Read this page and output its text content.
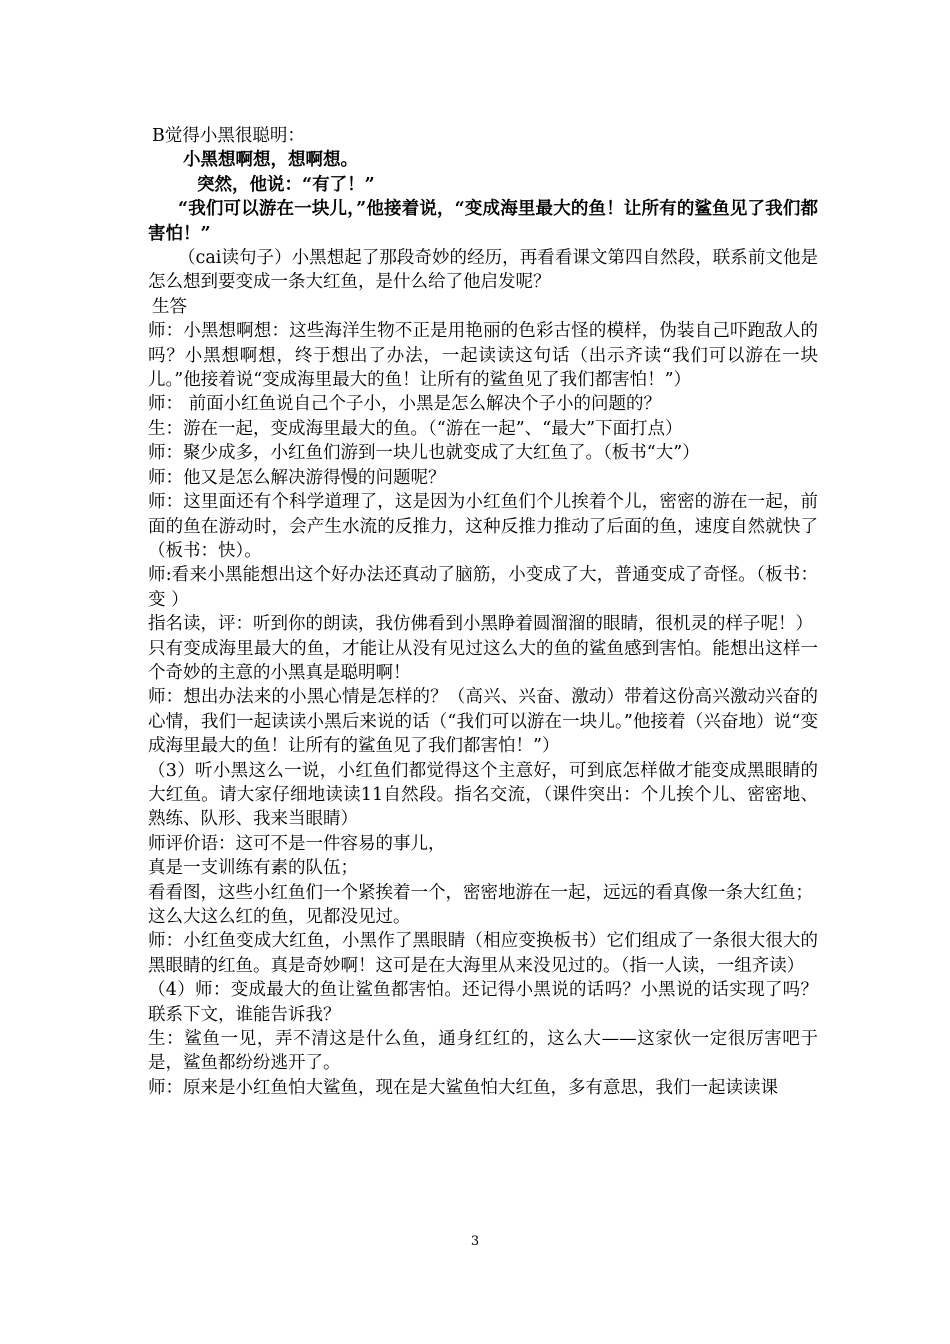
B觉得小黑很聪明：

小黑想啊想，想啊想。

突然，他说：“有了！”

“我们可以游在一块儿，”他接着说，“变成海里最大的鱼！让所有的鲨鱼见了我们都害怕！”

（cai读句子）小黑想起了那段奇妙的经历，再看看课文第四自然段，联系前文他是怎么想到要变成一条大红鱼，是什么给了他启发呢？

生答

师：小黑想啊想：这些海洋生物不正是用艳丽的色彩古怪的模样，伪装自己吓跑敌人的吗？小黑想啊想，终于想出了办法，一起读读这句话（出示齐读“我们可以游在一块儿。”他接着说“变成海里最大的鱼！让所有的鲨鱼见了我们都害怕！”）

师： 前面小红鱼说自己个子小，小黑是怎么解决个子小的问题的？

生：游在一起，变成海里最大的鱼。（“游在一起”、“最大”下面打点）

师：聚少成多，小红鱼们游到一块儿也就变成了大红鱼了。（板书“大”）

师：他又是怎么解决游得慢的问题呢？

师：这里面还有个科学道理了，这是因为小红鱼们个儿挨着个儿，密密的游在一起，前面的鱼在游动时，会产生水流的反推力，这种反推力推动了后面的鱼，速度自然就快了（板书：快）。

师:看来小黑能想出这个好办法还真动了脑筋，小变成了大，普通变成了奇怪。（板书： 变 ）

指名读，评：听到你的朗读，我仿佛看到小黑睁着圆溜溜的眼睛，很机灵的样子呢！）

只有变成海里最大的鱼，才能让从没有见过这么大的鱼的鲨鱼感到害怕。能想出这样一个奇妙的主意的小黑真是聪明啊！

师：想出办法来的小黑心情是怎样的？（高兴、兴奋、激动）带着这份高兴激动兴奋的心情，我们一起读读小黑后来说的话（“我们可以游在一块儿。”他接着（兴奋地）说“变成海里最大的鱼！让所有的鲨鱼见了我们都害怕！”）

（3）听小黑这么一说，小红鱼们都觉得这个主意好，可到底怎样做才能变成黑眼睛的大红鱼。请大家仔细地读读11自然段。指名交流，（课件突出：个儿挨个儿、密密地、熟练、队形、我来当眼睛）

师评价语：这可不是一件容易的事儿，

真是一支训练有素的队伍；

看看图，这些小红鱼们一个紧挨着一个，密密地游在一起，远远的看真像一条大红鱼；

这么大这么红的鱼，见都没见过。

师：小红鱼变成大红鱼，小黑作了黑眼睛（相应变换板书）它们组成了一条很大很大的黑眼睛的红鱼。真是奇妙啊！这可是在大海里从来没见过的。（指一人读，一组齐读）

（4）师：变成最大的鱼让鲨鱼都害怕。还记得小黑说的话吗？小黑说的话实现了吗？联系下文，谁能告诉我？

生：鲨鱼一见，弄不清这是什么鱼，通身红红的，这么大——这家伙一定很厉害吧于是，鲨鱼都纷纷逃开了。

师：原来是小红鱼怕大鲨鱼，现在是大鲨鱼怕大红鱼，多有意思，我们一起读读课

3
